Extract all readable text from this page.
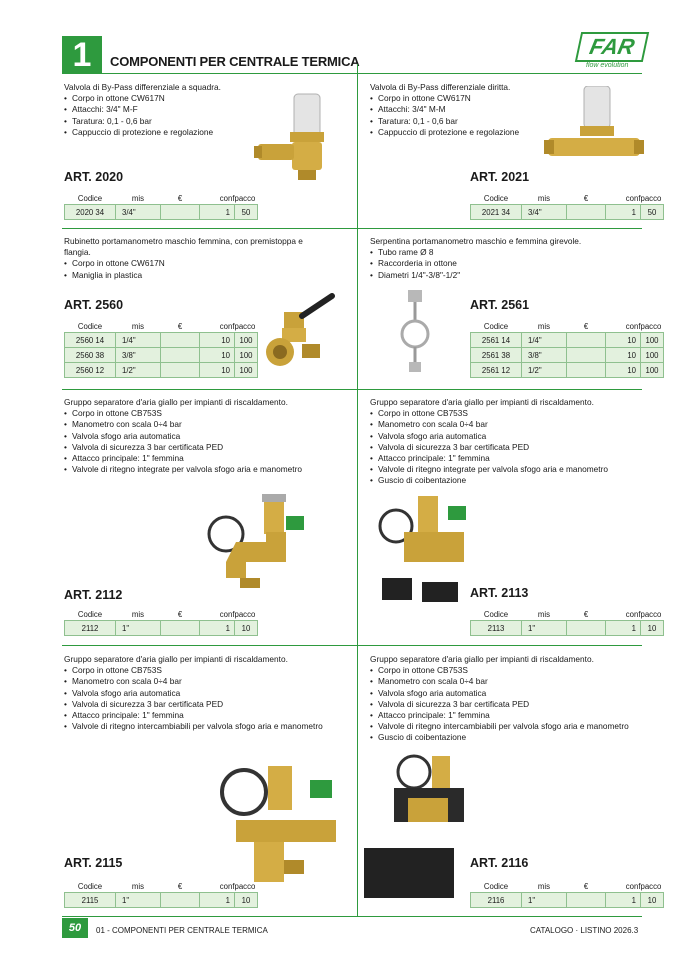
1	COMPONENTI PER CENTRALE TERMICA
FAR
flow evolution
Valvola di By-Pass differenziale a squadra.
• Corpo in ottone CW617N
• Attacchi: 3/4" M-F
• Taratura: 0,1 - 0,6 bar
• Cappuccio di protezione e regolazione
ART. 2020
Codice	mis	€	conf	pacco
2020 34	3/4"		1	50
Valvola di By-Pass differenziale diritta.
• Corpo in ottone CW617N
• Attacchi: 3/4" M-M
• Taratura: 0,1 - 0,6 bar
• Cappuccio di protezione e regolazione
ART. 2021
Codice	mis	€	conf	pacco
2021 34	3/4"		1	50
Rubinetto portamanometro maschio femmina, con premistoppa e flangia.
• Corpo in ottone CW617N
• Maniglia in plastica
ART. 2560
Codice	mis	€	conf	pacco
2560 14	1/4"		10	100
2560 38	3/8"		10	100
2560 12	1/2"		10	100
Serpentina portamanometro maschio e femmina girevole.
• Tubo rame Ø 8
• Raccorderia in ottone
• Diametri 1/4"-3/8"-1/2"
ART. 2561
Codice	mis	€	conf	pacco
2561 14	1/4"		10	100
2561 38	3/8"		10	100
2561 12	1/2"		10	100
Gruppo separatore d'aria giallo per impianti di riscaldamento.
• Corpo in ottone CB753S
• Manometro con scala 0÷4 bar
• Valvola sfogo aria automatica
• Valvola di sicurezza 3 bar certificata PED
• Attacco principale: 1" femmina
• Valvole di ritegno integrate per valvola sfogo aria e manometro
ART. 2112
Codice	mis	€	conf	pacco
2112	1"		1	10
Gruppo separatore d'aria giallo per impianti di riscaldamento.
• Corpo in ottone CB753S
• Manometro con scala 0÷4 bar
• Valvola sfogo aria automatica
• Valvola di sicurezza 3 bar certificata PED
• Attacco principale: 1" femmina
• Valvole di ritegno integrate per valvola sfogo aria e manometro
• Guscio di coibentazione
ART. 2113
Codice	mis	€	conf	pacco
2113	1"		1	10
Gruppo separatore d'aria giallo per impianti di riscaldamento.
• Corpo in ottone CB753S
• Manometro con scala 0÷4 bar
• Valvola sfogo aria automatica
• Valvola di sicurezza 3 bar certificata PED
• Attacco principale: 1" femmina
• Valvole di ritegno intercambiabili per valvola sfogo aria e manometro
ART. 2115
Codice	mis	€	conf	pacco
2115	1"		1	10
Gruppo separatore d'aria giallo per impianti di riscaldamento.
• Corpo in ottone CB753S
• Manometro con scala 0÷4 bar
• Valvola sfogo aria automatica
• Valvola di sicurezza 3 bar certificata PED
• Attacco principale: 1" femmina
• Valvole di ritegno intercambiabili per valvola sfogo aria e manometro
• Guscio di coibentazione
ART. 2116
Codice	mis	€	conf	pacco
2116	1"		1	10
50	01 - COMPONENTI PER CENTRALE TERMICA	CATALOGO · LISTINO 2026.3
